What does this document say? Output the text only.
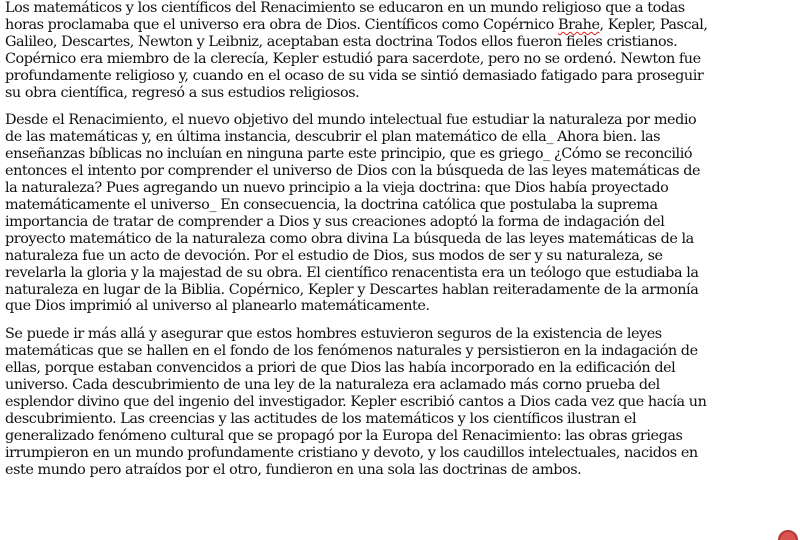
Los matemáticos y los científicos del Renacimiento se educaron en un mundo religioso que a todas
horas proclamaba que el universo era obra de Dios. Científicos como Copérnico Brahe, Kepler, Pascal,
Galileo, Descartes, Newton y Leibniz, aceptaban esta doctrina Todos ellos fueron fieles cristianos.
Copérnico era miembro de la clerecía, Kepler estudió para sacerdote, pero no se ordenó. Newton fue
profundamente religioso y, cuando en el ocaso de su vida se sintió demasiado fatigado para proseguir
su obra científica, regresó a sus estudios religiosos.
Desde el Renacimiento, el nuevo objetivo del mundo intelectual fue estudiar la naturaleza por medio
de las matemáticas y, en última instancia, descubrir el plan matemático de ella_ Ahora bien. las
enseñanzas bíblicas no incluían en ninguna parte este principio, que es griego_ ¿Cómo se reconcilió
entonces el intento por comprender el universo de Dios con la búsqueda de las leyes matemáticas de
la naturaleza? Pues agregando un nuevo principio a la vieja doctrina: que Dios había proyectado
matemáticamente el universo_ En consecuencia, la doctrina católica que postulaba la suprema
importancia de tratar de comprender a Dios y sus creaciones adoptó la forma de indagación del
proyecto matemático de la naturaleza como obra divina La búsqueda de las leyes matemáticas de la
naturaleza fue un acto de devoción. Por el estudio de Dios, sus modos de ser y su naturaleza, se
revelarla la gloria y la majestad de su obra. El científico renacentista era un teólogo que estudiaba la
naturaleza en lugar de la Biblia. Copérnico, Kepler y Descartes hablan reiteradamente de la armonía
que Dios imprimió al universo al planearlo matemáticamente.
Se puede ir más allá y asegurar que estos hombres estuvieron seguros de la existencia de leyes
matemáticas que se hallen en el fondo de los fenómenos naturales y persistieron en la indagación de
ellas, porque estaban convencidos a priori de que Dios las había incorporado en la edificación del
universo. Cada descubrimiento de una ley de la naturaleza era aclamado más corno prueba del
esplendor divino que del ingenio del investigador. Kepler escribió cantos a Dios cada vez que hacía un
descubrimiento. Las creencias y las actitudes de los matemáticos y los científicos ilustran el
generalizado fenómeno cultural que se propagó por la Europa del Renacimiento: las obras griegas
irrumpieron en un mundo profundamente cristiano y devoto, y los caudillos intelectuales, nacidos en
este mundo pero atraídos por el otro, fundieron en una sola las doctrinas de ambos.
